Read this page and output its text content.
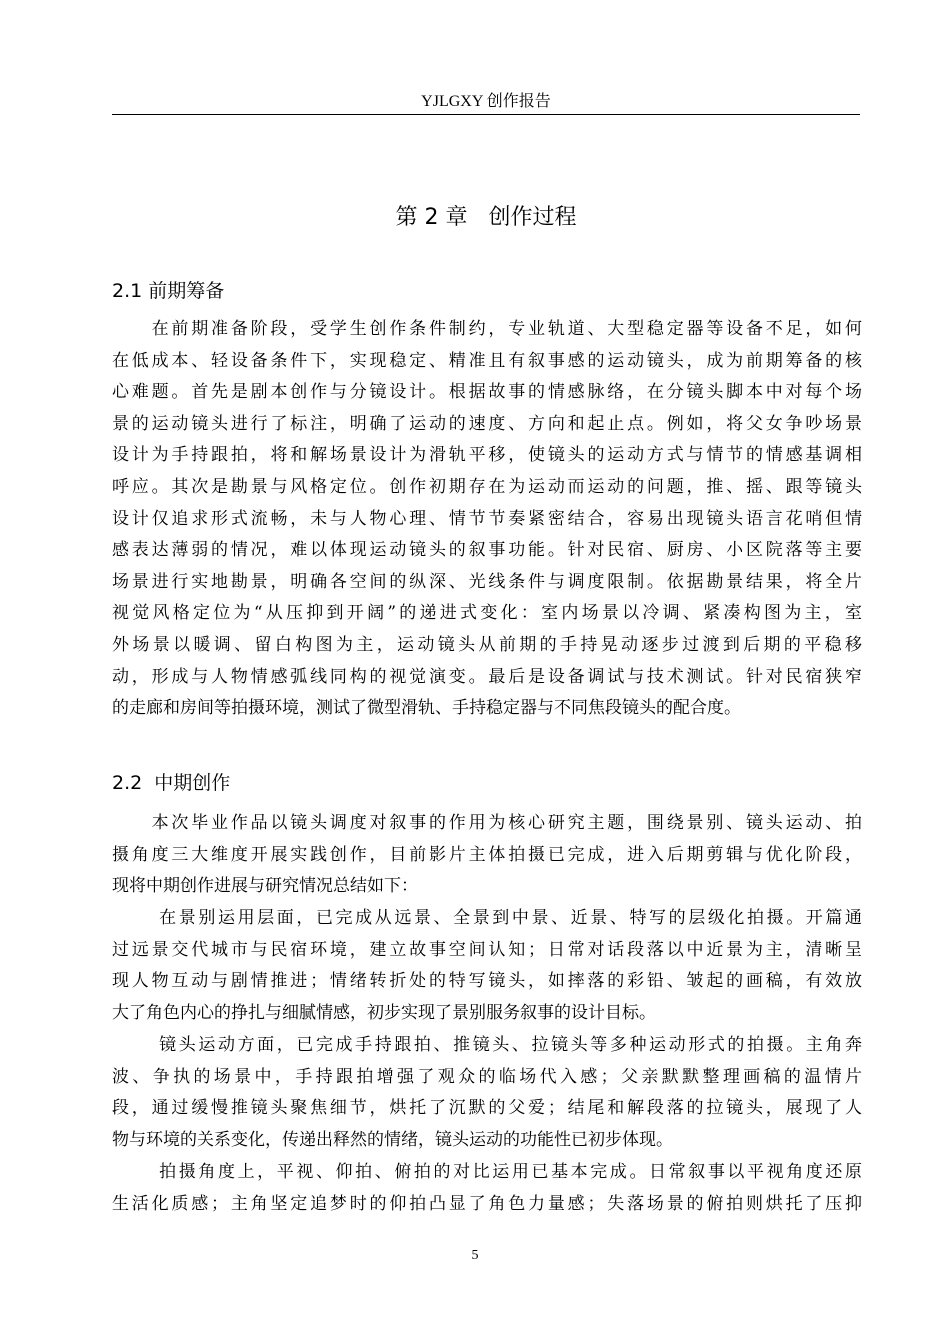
YJLGXY 创作报告
第 2 章   创作过程
2.1 前期筹备

　　在前期准备阶段，受学生创作条件制约，专业轨道、大型稳定器等设备不足，如何
在低成本、轻设备条件下，实现稳定、精准且有叙事感的运动镜头，成为前期筹备的核
心难题。首先是剧本创作与分镜设计。根据故事的情感脉络，在分镜头脚本中对每个场
景的运动镜头进行了标注，明确了运动的速度、方向和起止点。例如，将父女争吵场景
设计为手持跟拍，将和解场景设计为滑轨平移，使镜头的运动方式与情节的情感基调相
呼应。其次是勘景与风格定位。创作初期存在为运动而运动的问题，推、摇、跟等镜头
设计仅追求形式流畅，未与人物心理、情节节奏紧密结合，容易出现镜头语言花哨但情
感表达薄弱的情况，难以体现运动镜头的叙事功能。针对民宿、厨房、小区院落等主要
场景进行实地勘景，明确各空间的纵深、光线条件与调度限制。依据勘景结果，将全片
视觉风格定位为“从压抑到开阔”的递进式变化：室内场景以冷调、紧凑构图为主，室
外场景以暖调、留白构图为主，运动镜头从前期的手持晃动逐步过渡到后期的平稳移
动，形成与人物情感弧线同构的视觉演变。最后是设备调试与技术测试。针对民宿狭窄
的走廊和房间等拍摄环境，测试了微型滑轨、手持稳定器与不同焦段镜头的配合度。

2.2  中期创作

　　本次毕业作品以镜头调度对叙事的作用为核心研究主题，围绕景别、镜头运动、拍
摄角度三大维度开展实践创作，目前影片主体拍摄已完成，进入后期剪辑与优化阶段，
现将中期创作进展与研究情况总结如下：

　　 在景别运用层面，已完成从远景、全景到中景、近景、特写的层级化拍摄。开篇通
过远景交代城市与民宿环境，建立故事空间认知；日常对话段落以中近景为主，清晰呈
现人物互动与剧情推进；情绪转折处的特写镜头，如摔落的彩铅、皱起的画稿，有效放
大了角色内心的挣扎与细腻情感，初步实现了景别服务叙事的设计目标。

　　 镜头运动方面，已完成手持跟拍、推镜头、拉镜头等多种运动形式的拍摄。主角奔
波、争执的场景中，手持跟拍增强了观众的临场代入感；父亲默默整理画稿的温情片
段，通过缓慢推镜头聚焦细节，烘托了沉默的父爱；结尾和解段落的拉镜头，展现了人
物与环境的关系变化，传递出释然的情绪，镜头运动的功能性已初步体现。

　　 拍摄角度上，平视、仰拍、俯拍的对比运用已基本完成。日常叙事以平视角度还原
生活化质感；主角坚定追梦时的仰拍凸显了角色力量感；失落场景的俯拍则烘托了压抑

5
